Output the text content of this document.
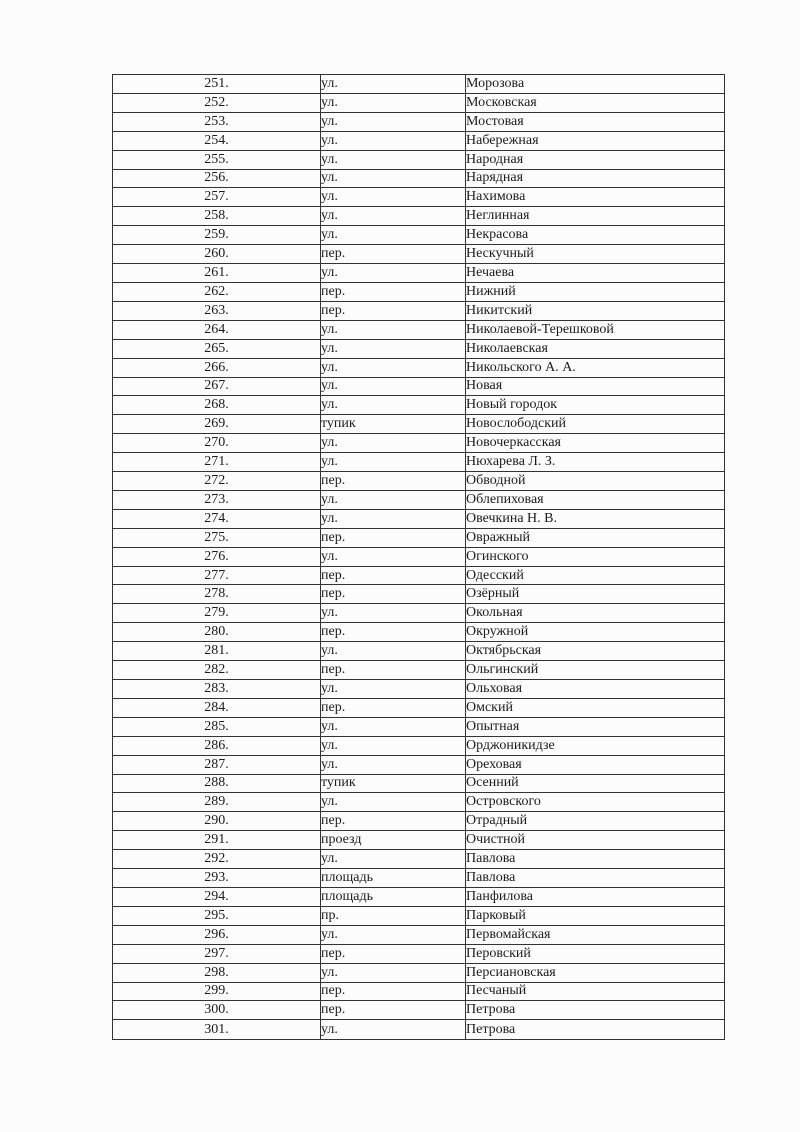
251.	ул.	Морозова
252.	ул.	Московская
253.	ул.	Мостовая
254.	ул.	Набережная
255.	ул.	Народная
256.	ул.	Нарядная
257.	ул.	Нахимова
258.	ул.	Неглинная
259.	ул.	Некрасова
260.	пер.	Нескучный
261.	ул.	Нечаева
262.	пер.	Нижний
263.	пер.	Никитский
264.	ул.	Николаевой-Терешковой
265.	ул.	Николаевская
266.	ул.	Никольского А. А.
267.	ул.	Новая
268.	ул.	Новый городок
269.	тупик	Новослободский
270.	ул.	Новочеркасская
271.	ул.	Нюхарева Л. З.
272.	пер.	Обводной
273.	ул.	Облепиховая
274.	ул.	Овечкина Н. В.
275.	пер.	Овражный
276.	ул.	Огинского
277.	пер.	Одесский
278.	пер.	Озёрный
279.	ул.	Окольная
280.	пер.	Окружной
281.	ул.	Октябрьская
282.	пер.	Ольгинский
283.	ул.	Ольховая
284.	пер.	Омский
285.	ул.	Опытная
286.	ул.	Орджоникидзе
287.	ул.	Ореховая
288.	тупик	Осенний
289.	ул.	Островского
290.	пер.	Отрадный
291.	проезд	Очистной
292.	ул.	Павлова
293.	площадь	Павлова
294.	площадь	Панфилова
295.	пр.	Парковый
296.	ул.	Первомайская
297.	пер.	Перовский
298.	ул.	Персиановская
299.	пер.	Песчаный
300.	пер.	Петрова
301.	ул.	Петрова
